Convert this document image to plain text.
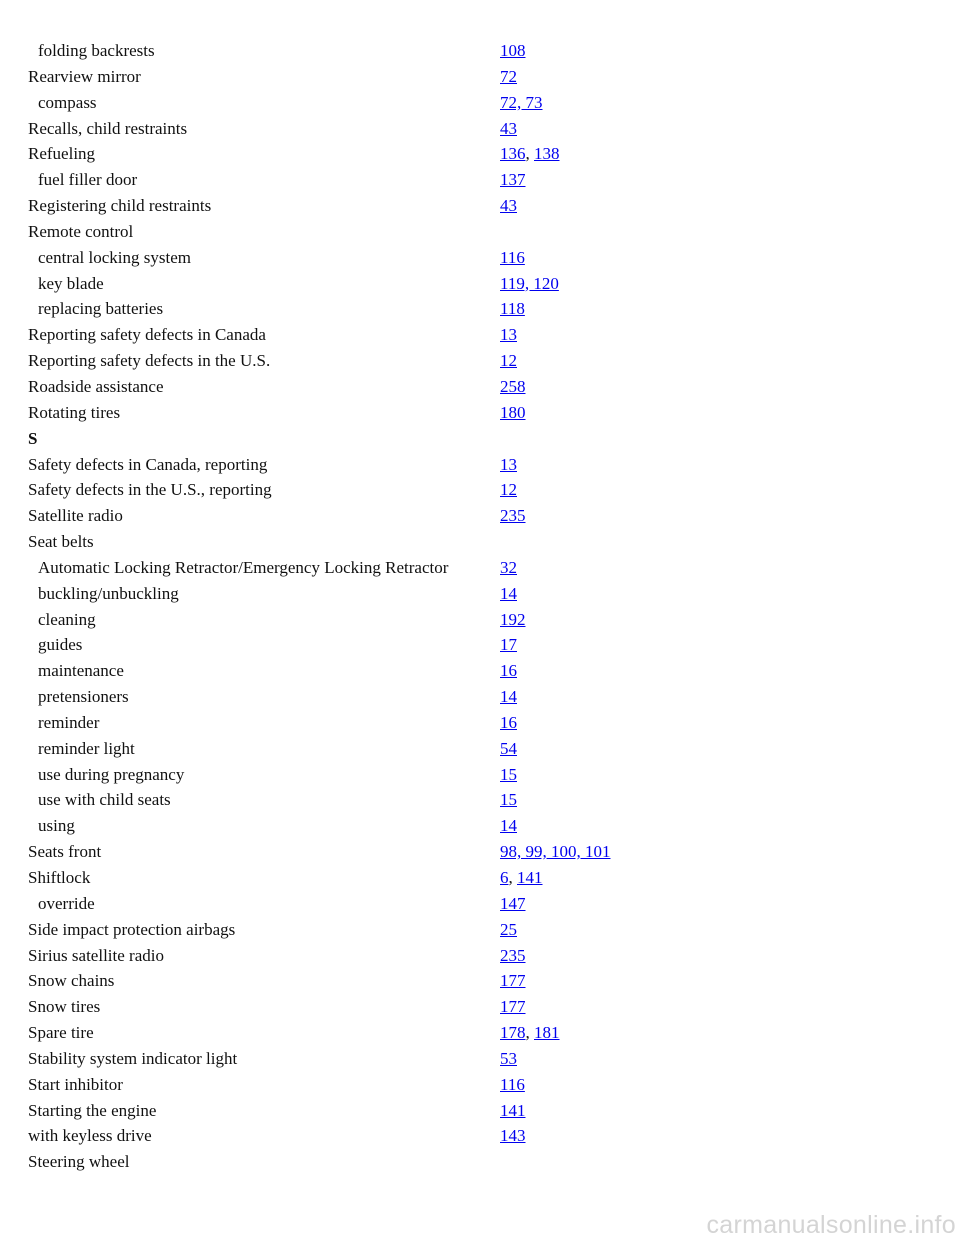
folding backrests	108
Rearview mirror	72
compass	72, 73
Recalls, child restraints	43
Refueling	136, 138
fuel filler door	137
Registering child restraints	43
Remote control
central locking system	116
key blade	119, 120
replacing batteries	118
Reporting safety defects in Canada	13
Reporting safety defects in the U.S.	12
Roadside assistance	258
Rotating tires	180
S
Safety defects in Canada, reporting	13
Safety defects in the U.S., reporting	12
Satellite radio	235
Seat belts
Automatic Locking Retractor/Emergency Locking Retractor	32
buckling/unbuckling	14
cleaning	192
guides	17
maintenance	16
pretensioners	14
reminder	16
reminder light	54
use during pregnancy	15
use with child seats	15
using	14
Seats front	98, 99, 100, 101
Shiftlock	6, 141
override	147
Side impact protection airbags	25
Sirius satellite radio	235
Snow chains	177
Snow tires	177
Spare tire	178, 181
Stability system indicator light	53
Start inhibitor	116
Starting the engine	141
with keyless drive	143
Steering wheel
carmanualsonline.info
